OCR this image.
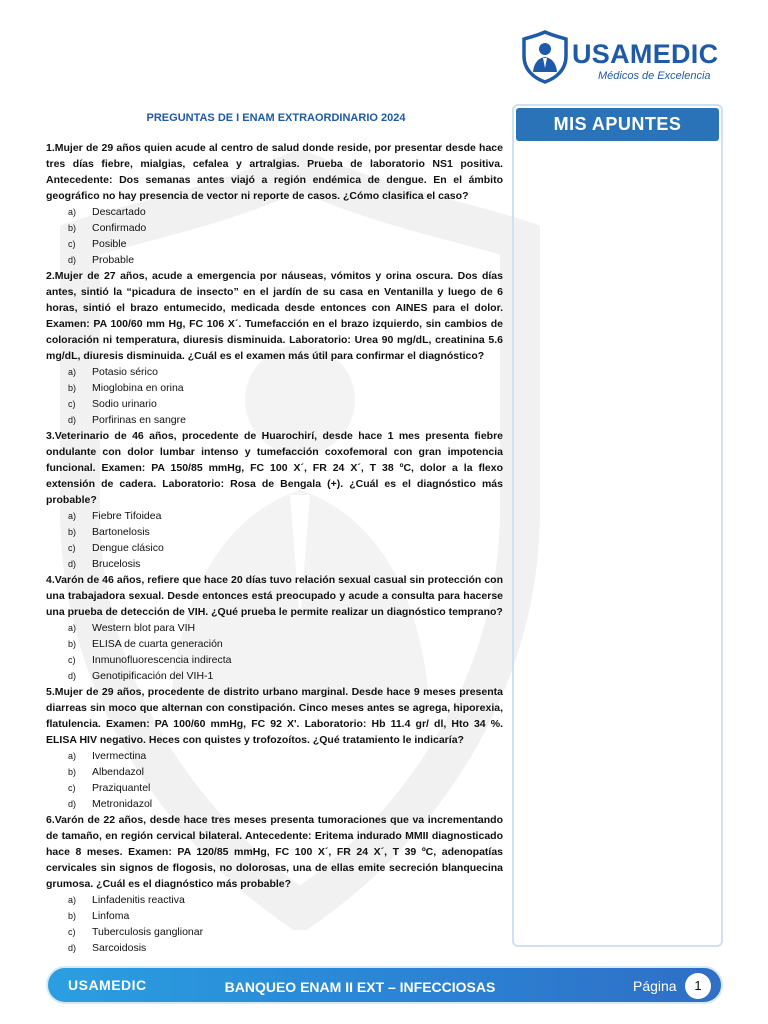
USAMEDIC
Médicos de Excelencia
PREGUNTAS DE I ENAM EXTRAORDINARIO 2024	MIS APUNTES

1.Mujer de 29 años quien acude al centro de salud donde reside, por presentar desde hace tres días fiebre, mialgias, cefalea y artralgias. Prueba de laboratorio NS1 positiva. Antecedente: Dos semanas antes viajó a región endémica de dengue. En el ámbito geográfico no hay presencia de vector ni reporte de casos. ¿Cómo clasifica el caso?

a)	Descartado
b)	Confirmado
c)	Posible
d)	Probable

2.Mujer de 27 años, acude a emergencia por náuseas, vómitos y orina oscura. Dos días antes, sintió la “picadura de insecto” en el jardín de su casa en Ventanilla y luego de 6 horas, sintió el brazo entumecido, medicada desde entonces con AINES para el dolor. Examen: PA 100/60 mm Hg, FC 106 X´. Tumefacción en el brazo izquierdo, sin cambios de coloración ni temperatura, diuresis disminuida. Laboratorio: Urea 90 mg/dL, creatinina 5.6 mg/dL, diuresis disminuida. ¿Cuál es el examen más útil para confirmar el diagnóstico?

a)	Potasio sérico
b)	Mioglobina en orina
c)	Sodio urinario
d)	Porfirinas en sangre

3.Veterinario de 46 años, procedente de Huarochirí, desde hace 1 mes presenta fiebre ondulante con dolor lumbar intenso y tumefacción coxofemoral con gran impotencia funcional. Examen: PA 150/85 mmHg, FC 100 X´, FR 24 X´, T 38 ºC, dolor a la flexo extensión de cadera. Laboratorio: Rosa de Bengala (+). ¿Cuál es el diagnóstico más probable?

a)	Fiebre Tifoidea
b)	Bartonelosis
c)	Dengue clásico
d)	Brucelosis

4.Varón de 46 años, refiere que hace 20 días tuvo relación sexual casual sin protección con una trabajadora sexual. Desde entonces está preocupado y acude a consulta para hacerse una prueba de detección de VIH. ¿Qué prueba le permite realizar un diagnóstico temprano?

a)	Western blot para VIH
b)	ELISA de cuarta generación
c)	Inmunofluorescencia indirecta
d)	Genotipificación del VIH-1

5.Mujer de 29 años, procedente de distrito urbano marginal. Desde hace 9 meses presenta diarreas sin moco que alternan con constipación. Cinco meses antes se agrega, hiporexia, flatulencia. Examen: PA 100/60 mmHg, FC 92 X'. Laboratorio: Hb 11.4 gr/ dl, Hto 34 %. ELISA HIV negativo. Heces con quistes y trofozoítos. ¿Qué tratamiento le indicaría?

a)	Ivermectina
b)	Albendazol
c)	Praziquantel
d)	Metronidazol

6.Varón de 22 años, desde hace tres meses presenta tumoraciones que va incrementando de tamaño, en región cervical bilateral. Antecedente: Eritema indurado MMII diagnosticado hace 8 meses. Examen: PA 120/85 mmHg, FC 100 X´, FR 24 X´, T 39 ºC, adenopatías cervicales sin signos de flogosis, no dolorosas, una de ellas emite secreción blanquecina grumosa. ¿Cuál es el diagnóstico más probable?

a)	Linfadenitis reactiva
b)	Linfoma
c)	Tuberculosis ganglionar
d)	Sarcoidosis
USAMEDIC	BANQUEO ENAM II EXT – INFECCIOSAS	Página	1
